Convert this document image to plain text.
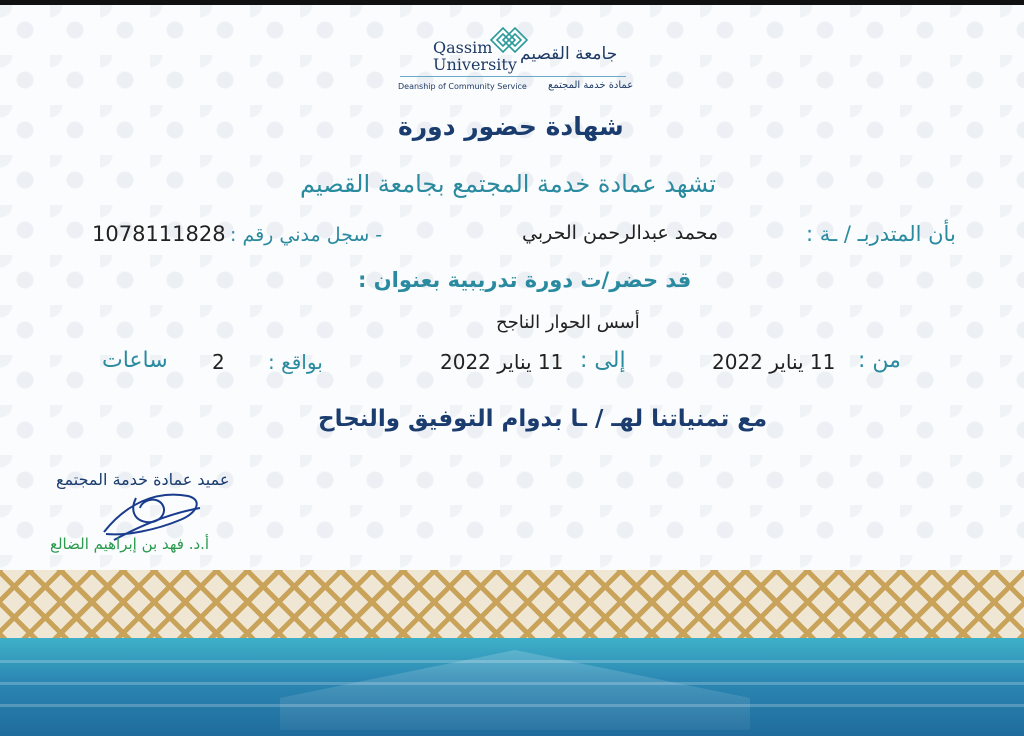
Qassim
University
جامعة القصيم
Deanship of Community Service عمادة خدمة المجتمع
شهادة حضور دورة
تشهد عمادة خدمة المجتمع بجامعة القصيم
بأن المتدربـ / ـة :
محمد عبدالرحمن الحربي
- سجل مدني رقم :
1078111828
قد حضر/ت دورة تدريبية بعنوان :
أسس الحوار الناجح
من :
11 يناير 2022
إلى :
11 يناير 2022
بواقع :
2
ساعات
مع تمنياتنا لهـ / ـا بدوام التوفيق والنجاح
عميد عمادة خدمة المجتمع
أ.د. فهد بن إبراهيم الضالع
